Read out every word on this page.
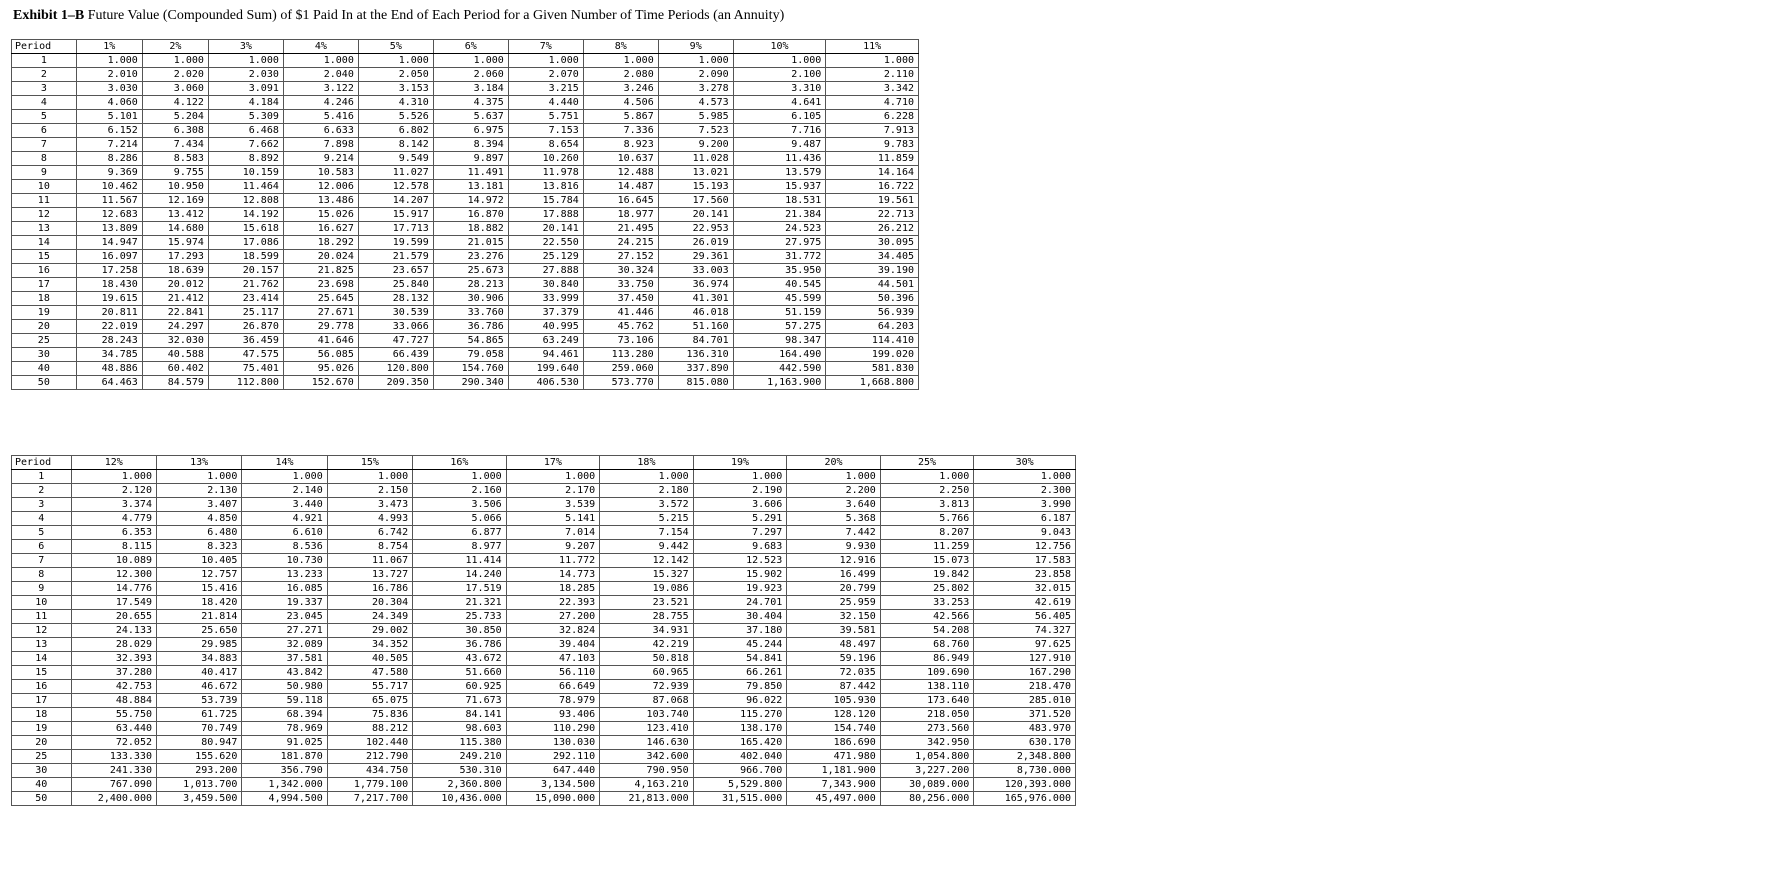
Exhibit 1–B Future Value (Compounded Sum) of $1 Paid In at the End of Each Period for a Given Number of Time Periods (an Annuity)
Period	1%	2%	3%	4%	5%	6%	7%	8%	9%	10%	11%
1	1.000	1.000	1.000	1.000	1.000	1.000	1.000	1.000	1.000	1.000	1.000
2	2.010	2.020	2.030	2.040	2.050	2.060	2.070	2.080	2.090	2.100	2.110
3	3.030	3.060	3.091	3.122	3.153	3.184	3.215	3.246	3.278	3.310	3.342
4	4.060	4.122	4.184	4.246	4.310	4.375	4.440	4.506	4.573	4.641	4.710
5	5.101	5.204	5.309	5.416	5.526	5.637	5.751	5.867	5.985	6.105	6.228
6	6.152	6.308	6.468	6.633	6.802	6.975	7.153	7.336	7.523	7.716	7.913
7	7.214	7.434	7.662	7.898	8.142	8.394	8.654	8.923	9.200	9.487	9.783
8	8.286	8.583	8.892	9.214	9.549	9.897	10.260	10.637	11.028	11.436	11.859
9	9.369	9.755	10.159	10.583	11.027	11.491	11.978	12.488	13.021	13.579	14.164
10	10.462	10.950	11.464	12.006	12.578	13.181	13.816	14.487	15.193	15.937	16.722
11	11.567	12.169	12.808	13.486	14.207	14.972	15.784	16.645	17.560	18.531	19.561
12	12.683	13.412	14.192	15.026	15.917	16.870	17.888	18.977	20.141	21.384	22.713
13	13.809	14.680	15.618	16.627	17.713	18.882	20.141	21.495	22.953	24.523	26.212
14	14.947	15.974	17.086	18.292	19.599	21.015	22.550	24.215	26.019	27.975	30.095
15	16.097	17.293	18.599	20.024	21.579	23.276	25.129	27.152	29.361	31.772	34.405
16	17.258	18.639	20.157	21.825	23.657	25.673	27.888	30.324	33.003	35.950	39.190
17	18.430	20.012	21.762	23.698	25.840	28.213	30.840	33.750	36.974	40.545	44.501
18	19.615	21.412	23.414	25.645	28.132	30.906	33.999	37.450	41.301	45.599	50.396
19	20.811	22.841	25.117	27.671	30.539	33.760	37.379	41.446	46.018	51.159	56.939
20	22.019	24.297	26.870	29.778	33.066	36.786	40.995	45.762	51.160	57.275	64.203
25	28.243	32.030	36.459	41.646	47.727	54.865	63.249	73.106	84.701	98.347	114.410
30	34.785	40.588	47.575	56.085	66.439	79.058	94.461	113.280	136.310	164.490	199.020
40	48.886	60.402	75.401	95.026	120.800	154.760	199.640	259.060	337.890	442.590	581.830
50	64.463	84.579	112.800	152.670	209.350	290.340	406.530	573.770	815.080	1,163.900	1,668.800
Period	12%	13%	14%	15%	16%	17%	18%	19%	20%	25%	30%
1	1.000	1.000	1.000	1.000	1.000	1.000	1.000	1.000	1.000	1.000	1.000
2	2.120	2.130	2.140	2.150	2.160	2.170	2.180	2.190	2.200	2.250	2.300
3	3.374	3.407	3.440	3.473	3.506	3.539	3.572	3.606	3.640	3.813	3.990
4	4.779	4.850	4.921	4.993	5.066	5.141	5.215	5.291	5.368	5.766	6.187
5	6.353	6.480	6.610	6.742	6.877	7.014	7.154	7.297	7.442	8.207	9.043
6	8.115	8.323	8.536	8.754	8.977	9.207	9.442	9.683	9.930	11.259	12.756
7	10.089	10.405	10.730	11.067	11.414	11.772	12.142	12.523	12.916	15.073	17.583
8	12.300	12.757	13.233	13.727	14.240	14.773	15.327	15.902	16.499	19.842	23.858
9	14.776	15.416	16.085	16.786	17.519	18.285	19.086	19.923	20.799	25.802	32.015
10	17.549	18.420	19.337	20.304	21.321	22.393	23.521	24.701	25.959	33.253	42.619
11	20.655	21.814	23.045	24.349	25.733	27.200	28.755	30.404	32.150	42.566	56.405
12	24.133	25.650	27.271	29.002	30.850	32.824	34.931	37.180	39.581	54.208	74.327
13	28.029	29.985	32.089	34.352	36.786	39.404	42.219	45.244	48.497	68.760	97.625
14	32.393	34.883	37.581	40.505	43.672	47.103	50.818	54.841	59.196	86.949	127.910
15	37.280	40.417	43.842	47.580	51.660	56.110	60.965	66.261	72.035	109.690	167.290
16	42.753	46.672	50.980	55.717	60.925	66.649	72.939	79.850	87.442	138.110	218.470
17	48.884	53.739	59.118	65.075	71.673	78.979	87.068	96.022	105.930	173.640	285.010
18	55.750	61.725	68.394	75.836	84.141	93.406	103.740	115.270	128.120	218.050	371.520
19	63.440	70.749	78.969	88.212	98.603	110.290	123.410	138.170	154.740	273.560	483.970
20	72.052	80.947	91.025	102.440	115.380	130.030	146.630	165.420	186.690	342.950	630.170
25	133.330	155.620	181.870	212.790	249.210	292.110	342.600	402.040	471.980	1,054.800	2,348.800
30	241.330	293.200	356.790	434.750	530.310	647.440	790.950	966.700	1,181.900	3,227.200	8,730.000
40	767.090	1,013.700	1,342.000	1,779.100	2,360.800	3,134.500	4,163.210	5,529.800	7,343.900	30,089.000	120,393.000
50	2,400.000	3,459.500	4,994.500	7,217.700	10,436.000	15,090.000	21,813.000	31,515.000	45,497.000	80,256.000	165,976.000
